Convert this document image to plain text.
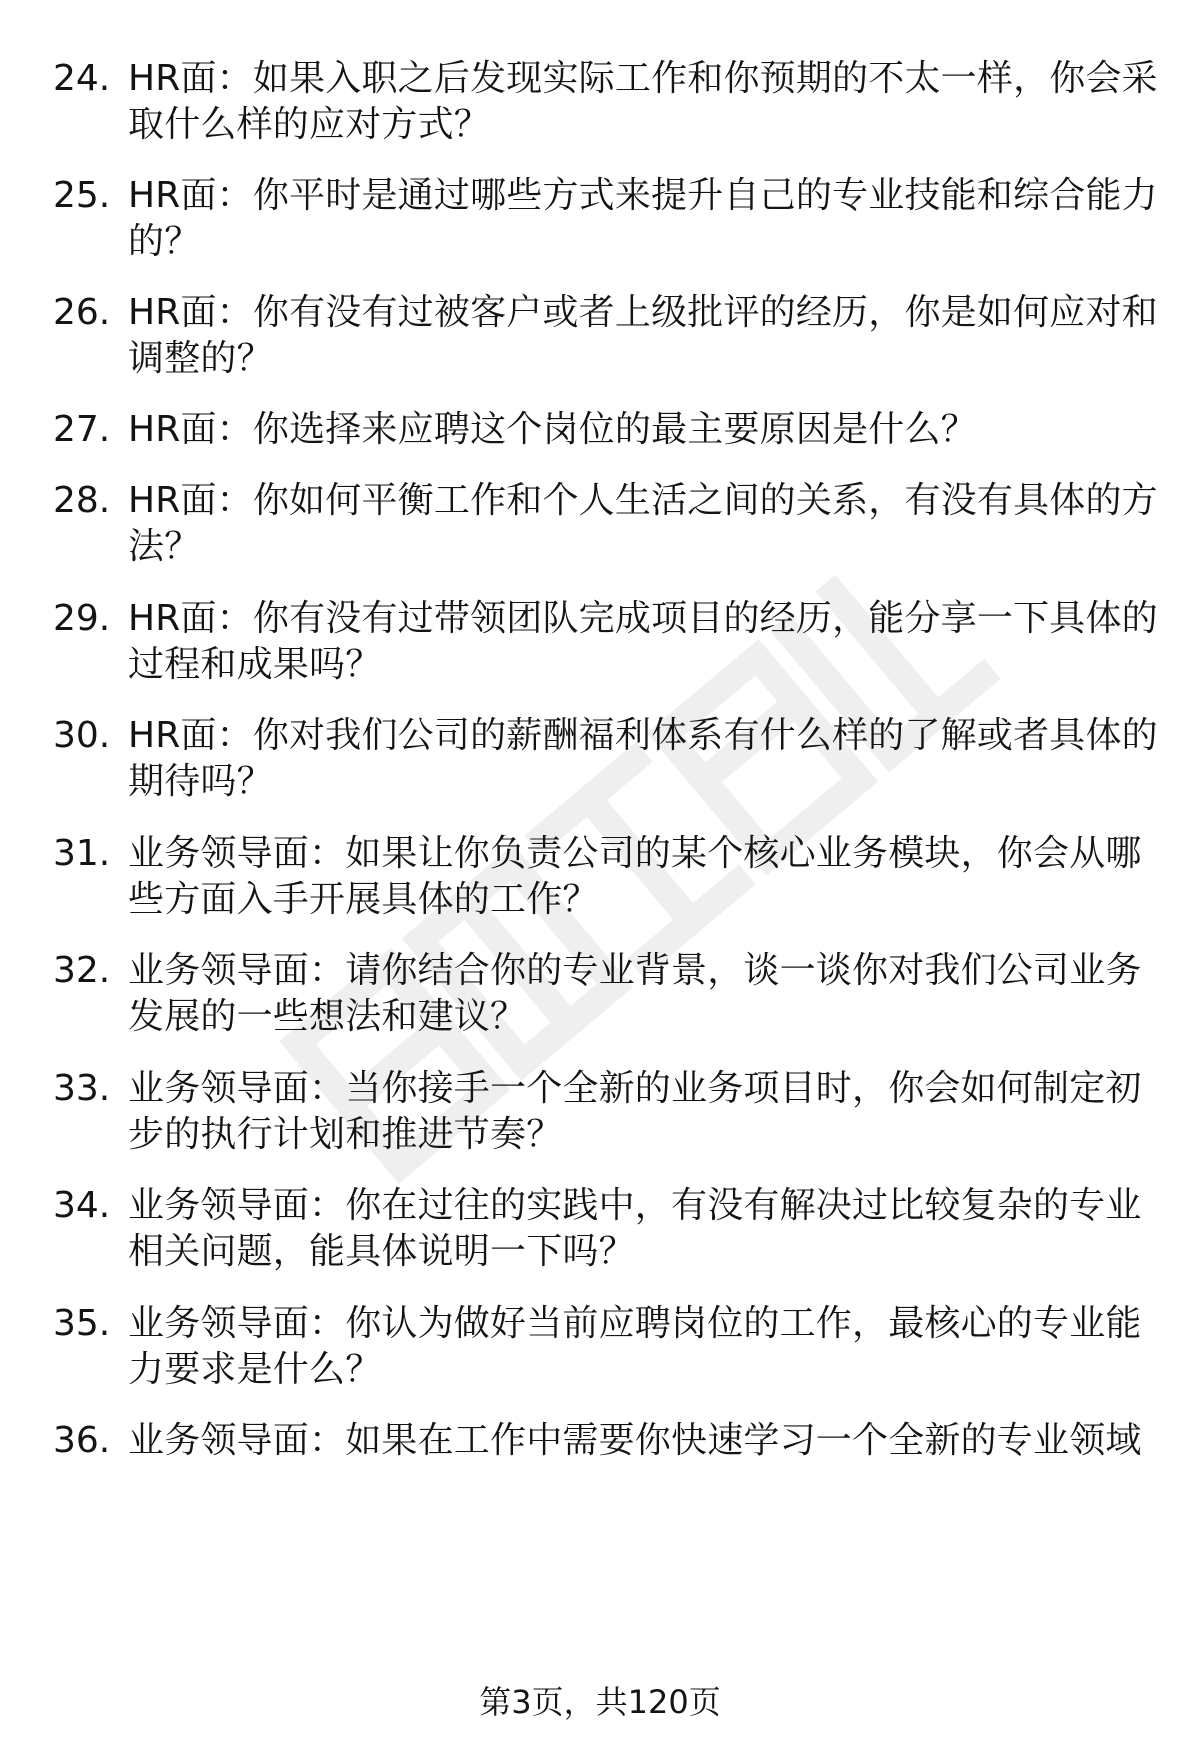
24. HR面：如果入职之后发现实际工作和你预期的不太一样，你会采
取什么样的应对方式？
25. HR面：你平时是通过哪些方式来提升自己的专业技能和综合能力
的？
26. HR面：你有没有过被客户或者上级批评的经历，你是如何应对和
调整的？
27. HR面：你选择来应聘这个岗位的最主要原因是什么？
28. HR面：你如何平衡工作和个人生活之间的关系，有没有具体的方
法？
29. HR面：你有没有过带领团队完成项目的经历，能分享一下具体的
过程和成果吗？
30. HR面：你对我们公司的薪酬福利体系有什么样的了解或者具体的
期待吗？
31. 业务领导面：如果让你负责公司的某个核心业务模块，你会从哪
些方面入手开展具体的工作？
32. 业务领导面：请你结合你的专业背景，谈一谈你对我们公司业务
发展的一些想法和建议？
33. 业务领导面：当你接手一个全新的业务项目时，你会如何制定初
步的执行计划和推进节奏？
34. 业务领导面：你在过往的实践中，有没有解决过比较复杂的专业
相关问题，能具体说明一下吗？
35. 业务领导面：你认为做好当前应聘岗位的工作，最核心的专业能
力要求是什么？
36. 业务领导面：如果在工作中需要你快速学习一个全新的专业领域
第3页，共120页
